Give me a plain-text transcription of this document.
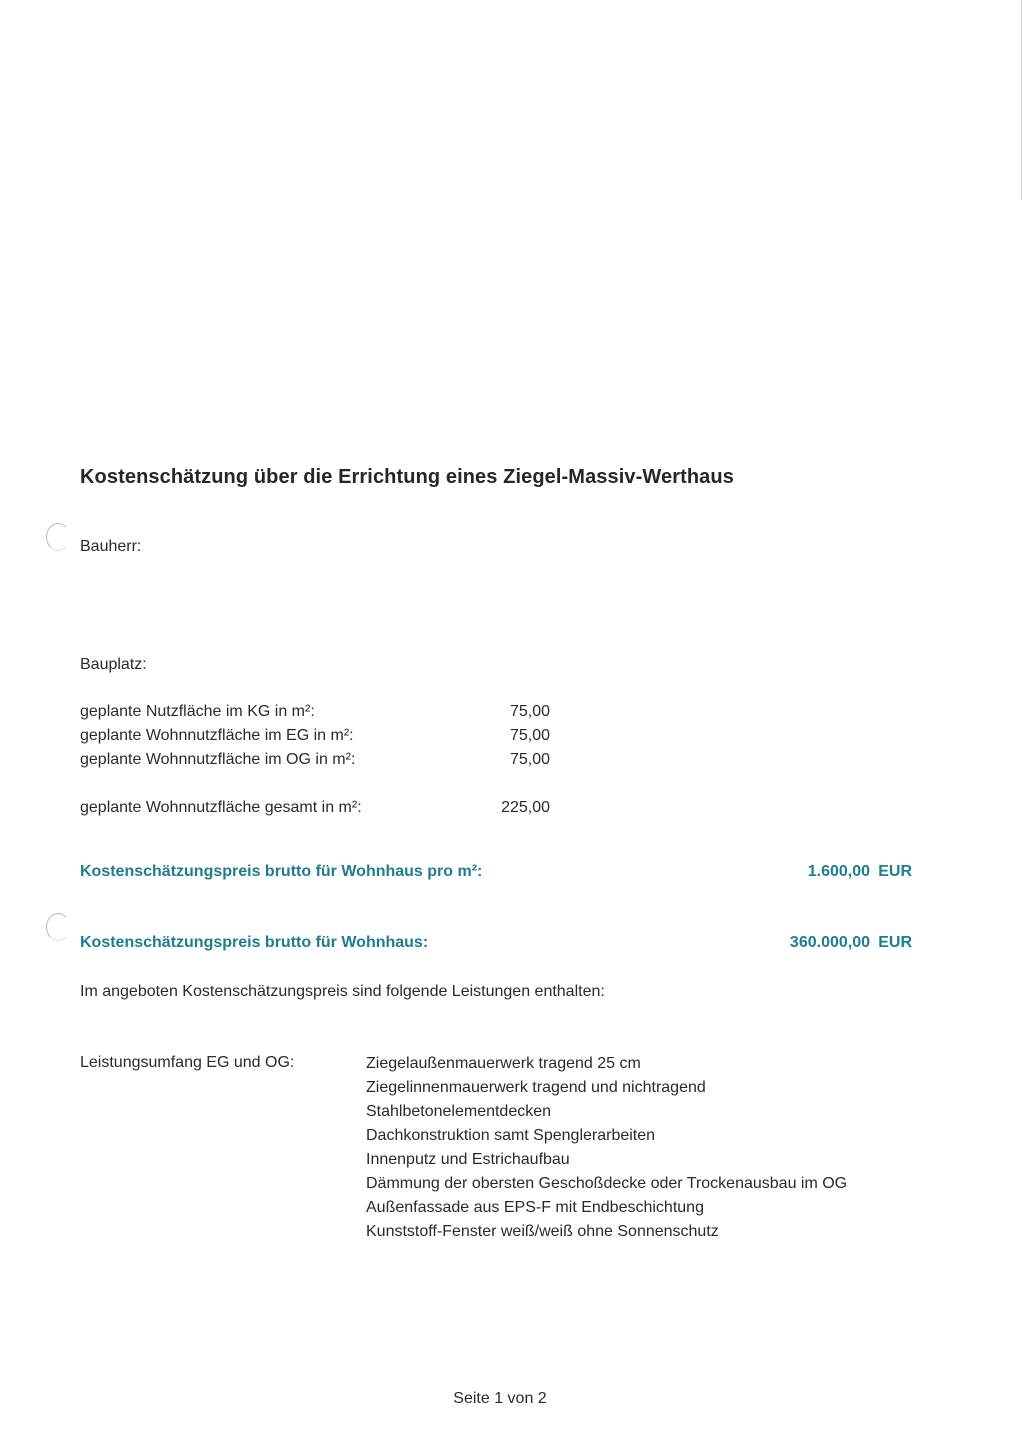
Kostenschätzung über die Errichtung eines Ziegel-Massiv-Werthaus
Bauherr:
Bauplatz:
geplante Nutzfläche im KG in m²:	75,00
geplante Wohnnutzfläche im EG in m²:	75,00
geplante Wohnnutzfläche im OG in m²:	75,00
geplante Wohnnutzfläche gesamt in m²:	225,00
Kostenschätzungspreis brutto für Wohnhaus pro m²:	1.600,00 EUR
Kostenschätzungspreis brutto für Wohnhaus:	360.000,00 EUR
Im angeboten Kostenschätzungspreis sind folgende Leistungen enthalten:
Leistungsumfang EG und OG:	Ziegelaußenmauerwerk tragend 25 cm
Ziegelinnenmauerwerk tragend und nichtragend
Stahlbetonelementdecken
Dachkonstruktion samt Spenglerarbeiten
Innenputz und Estrichaufbau
Dämmung der obersten Geschoßdecke oder Trockenausbau im OG
Außenfassade aus EPS-F mit Endbeschichtung
Kunststoff-Fenster weiß/weiß ohne Sonnenschutz
Seite 1 von 2
